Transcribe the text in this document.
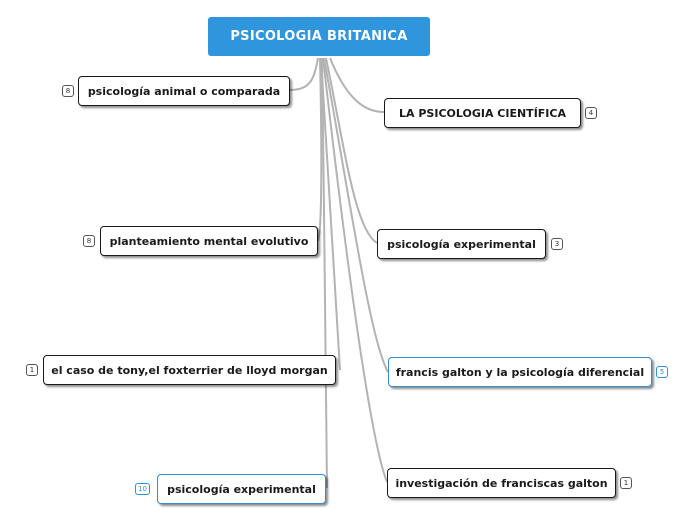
PSICOLOGIA BRITANICA
psicología animal o comparada
8
planteamiento mental evolutivo
8
el caso de tony,el foxterrier de lloyd morgan
1
psicología experimental
10
LA PSICOLOGIA CIENTÍFICA	4
psicología experimental	3
francis galton y la psicología diferencial	5
investigación de franciscas galton	1
